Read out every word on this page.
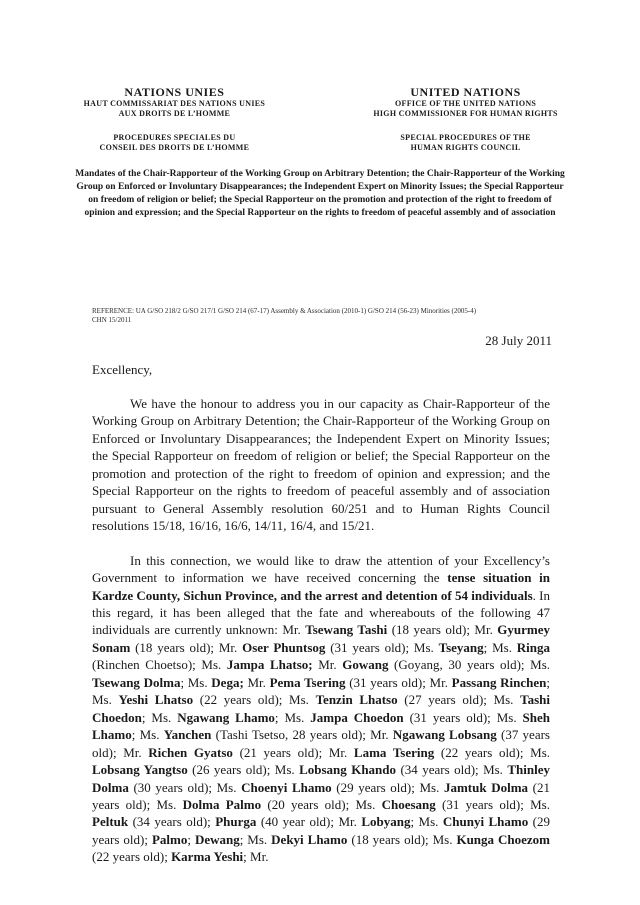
NATIONS UNIES
HAUT COMMISSARIAT DES NATIONS UNIES
AUX DROITS DE L’HOMME
PROCEDURES SPECIALES DU
CONSEIL DES DROITS DE L’HOMME
UNITED NATIONS
OFFICE OF THE UNITED NATIONS
HIGH COMMISSIONER FOR HUMAN RIGHTS
SPECIAL PROCEDURES OF THE
HUMAN RIGHTS COUNCIL
Mandates of the Chair-Rapporteur of the Working Group on Arbitrary Detention; the Chair-Rapporteur of the Working Group on Enforced or Involuntary Disappearances; the Independent Expert on Minority Issues; the Special Rapporteur on freedom of religion or belief; the Special Rapporteur on the promotion and protection of the right to freedom of opinion and expression; and the Special Rapporteur on the rights to freedom of peaceful assembly and of association
REFERENCE: UA G/SO 218/2 G/SO 217/1 G/SO 214 (67-17) Assembly & Association (2010-1) G/SO 214 (56-23) Minorities (2005-4)
CHN 15/2011
28 July 2011
Excellency,

We have the honour to address you in our capacity as Chair-Rapporteur of the Working Group on Arbitrary Detention; the Chair-Rapporteur of the Working Group on Enforced or Involuntary Disappearances; the Independent Expert on Minority Issues; the Special Rapporteur on freedom of religion or belief; the Special Rapporteur on the promotion and protection of the right to freedom of opinion and expression; and the Special Rapporteur on the rights to freedom of peaceful assembly and of association pursuant to General Assembly resolution 60/251 and to Human Rights Council resolutions 15/18, 16/16, 16/6, 14/11, 16/4, and 15/21.

In this connection, we would like to draw the attention of your Excellency’s Government to information we have received concerning the tense situation in Kardze County, Sichun Province, and the arrest and detention of 54 individuals. In this regard, it has been alleged that the fate and whereabouts of the following 47 individuals are currently unknown: Mr. Tsewang Tashi (18 years old); Mr. Gyurmey Sonam (18 years old); Mr. Oser Phuntsog (31 years old); Ms. Tseyang; Ms. Ringa (Rinchen Choetso); Ms. Jampa Lhatso; Mr. Gowang (Goyang, 30 years old); Ms. Tsewang Dolma; Ms. Dega; Mr. Pema Tsering (31 years old); Mr. Passang Rinchen; Ms. Yeshi Lhatso (22 years old); Ms. Tenzin Lhatso (27 years old); Ms. Tashi Choedon; Ms. Ngawang Lhamo; Ms. Jampa Choedon (31 years old); Ms. Sheh Lhamo; Ms. Yanchen (Tashi Tsetso, 28 years old); Mr. Ngawang Lobsang (37 years old); Mr. Richen Gyatso (21 years old); Mr. Lama Tsering (22 years old); Ms. Lobsang Yangtso (26 years old); Ms. Lobsang Khando (34 years old); Ms. Thinley Dolma (30 years old); Ms. Choenyi Lhamo (29 years old); Ms. Jamtuk Dolma (21 years old); Ms. Dolma Palmo (20 years old); Ms. Choesang (31 years old); Ms. Peltuk (34 years old); Phurga (40 year old); Mr. Lobyang; Ms. Chunyi Lhamo (29 years old); Palmo; Dewang; Ms. Dekyi Lhamo (18 years old); Ms. Kunga Choezom (22 years old); Karma Yeshi; Mr.
